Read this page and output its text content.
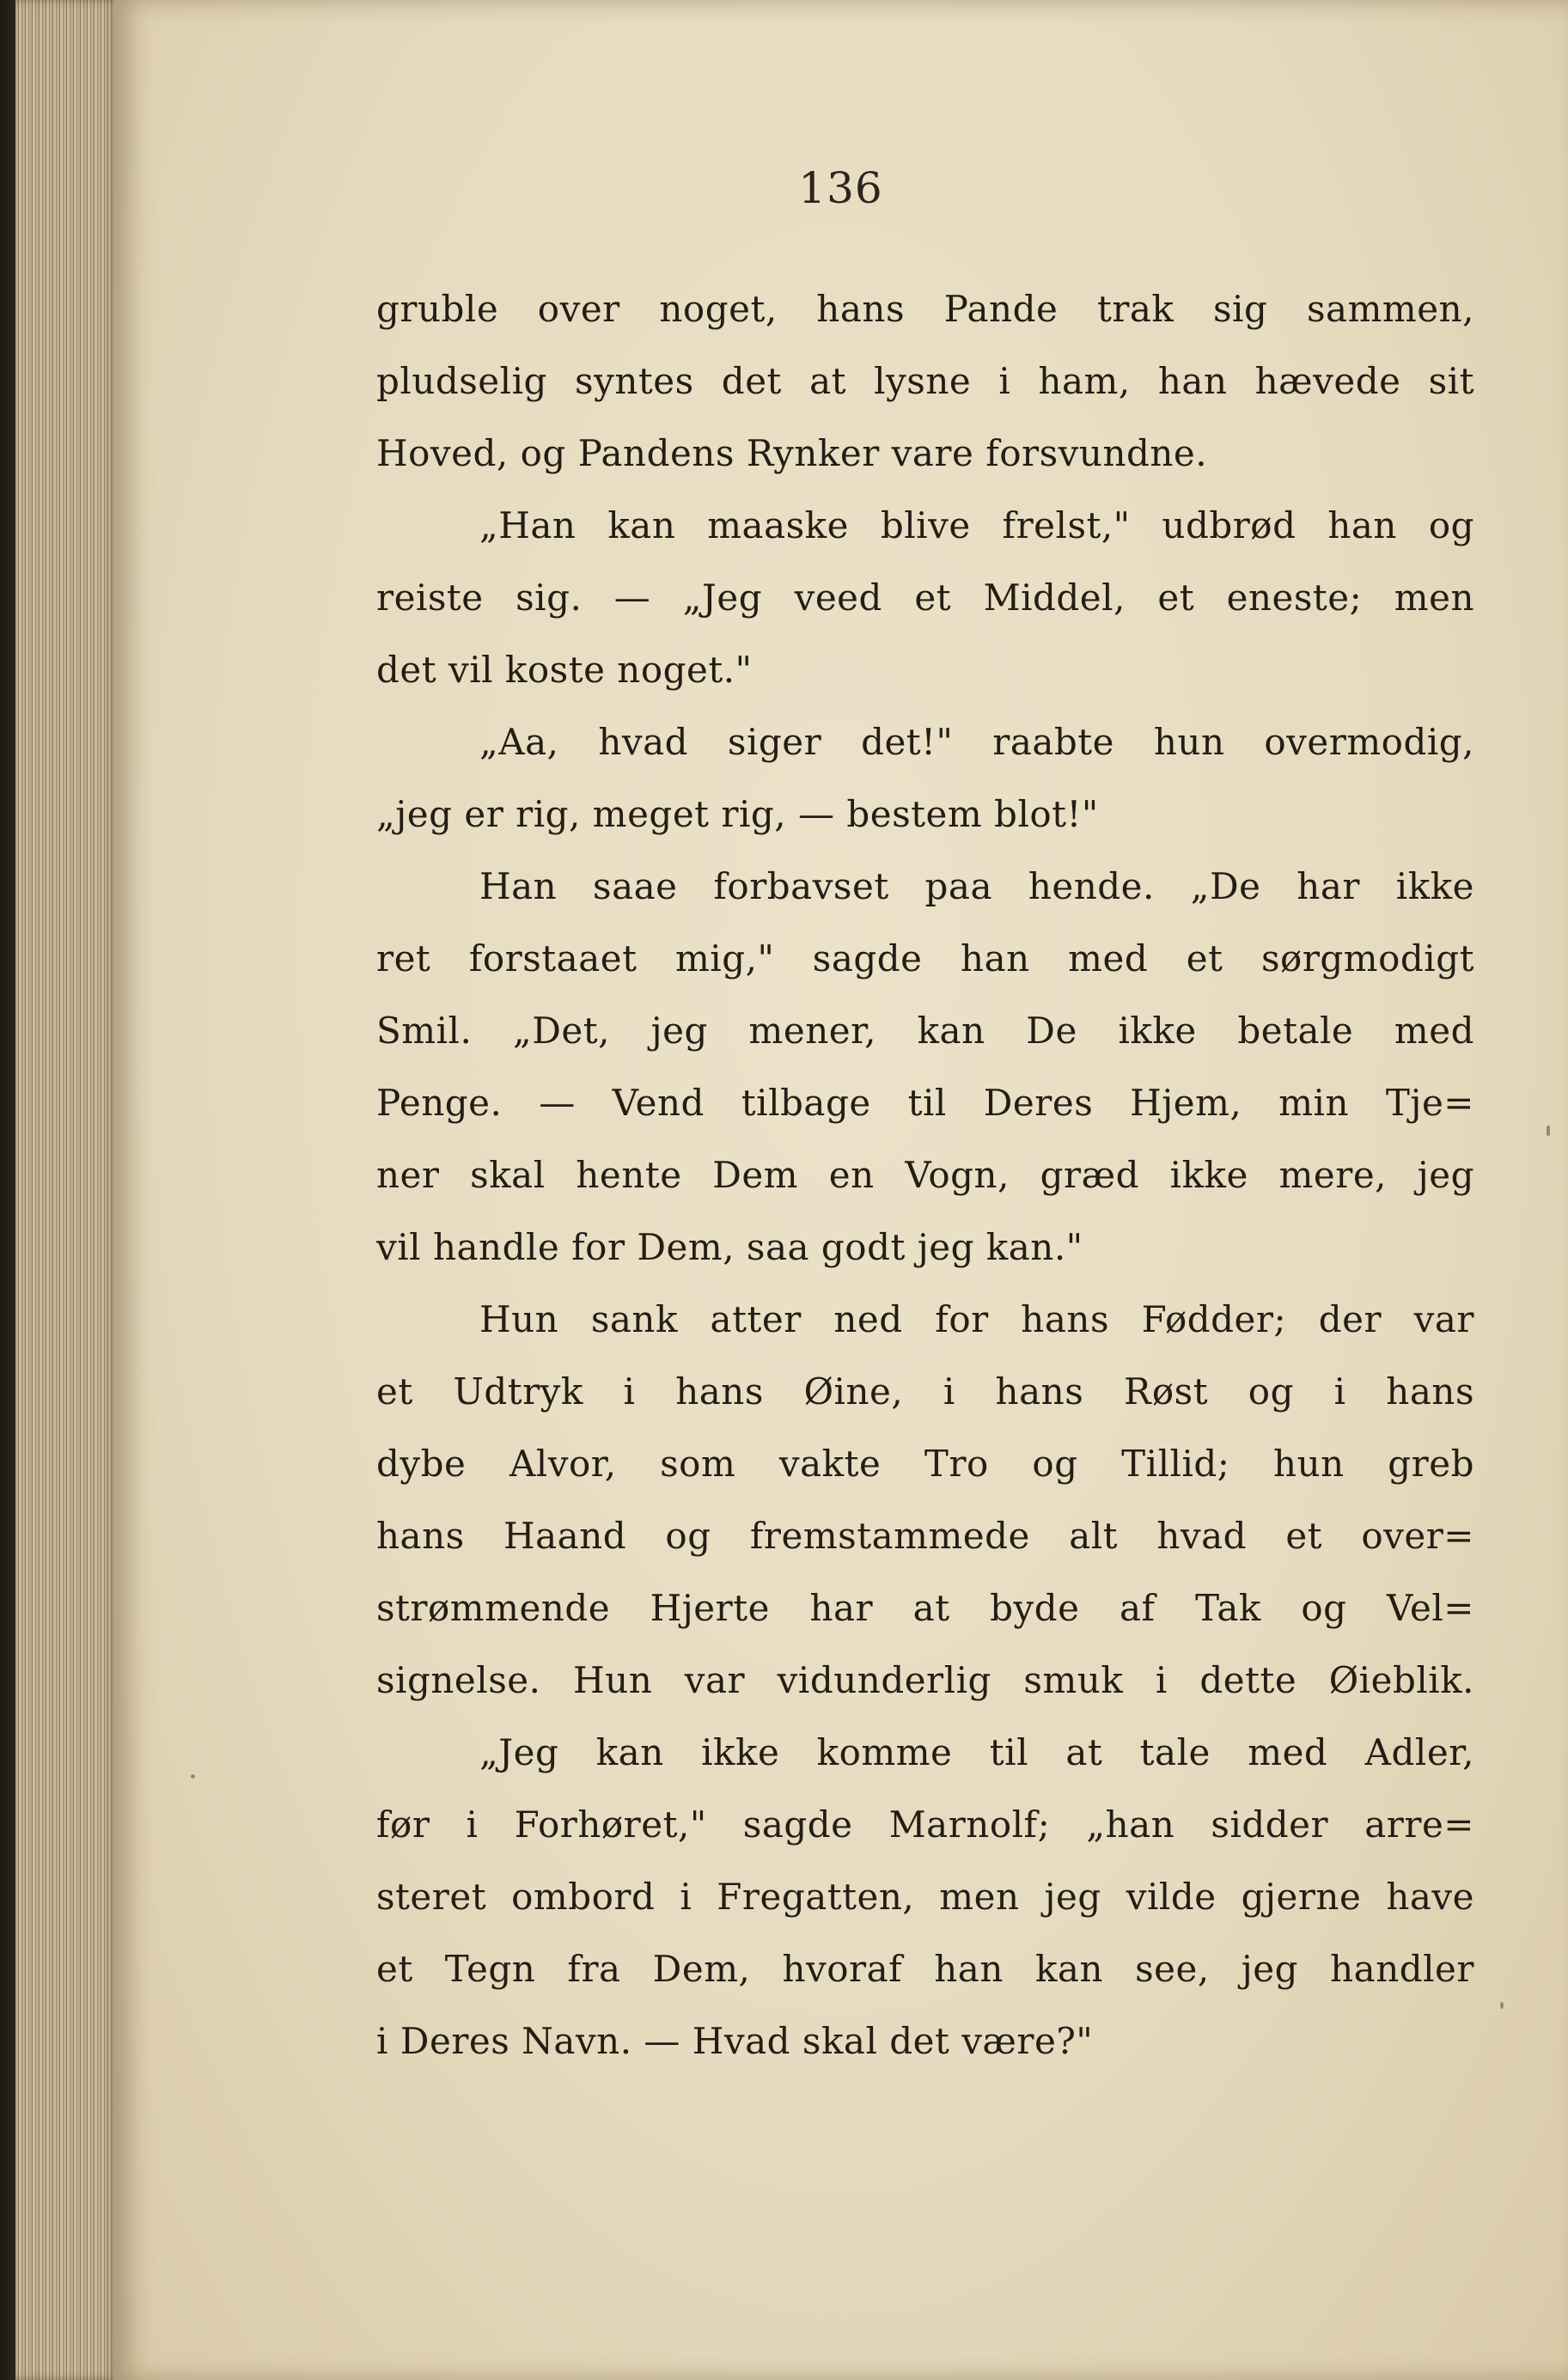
136
gruble over noget, hans Pande trak sig sammen,
pludselig syntes det at lysne i ham, han hævede sit
Hoved, og Pandens Rynker vare forsvundne.
„Han kan maaske blive frelst," udbrød han og
reiste sig. — „Jeg veed et Middel, et eneste; men
det vil koste noget."
„Aa, hvad siger det!" raabte hun overmodig,
„jeg er rig, meget rig, — bestem blot!"
Han saae forbavset paa hende. „De har ikke
ret forstaaet mig," sagde han med et sørgmodigt
Smil. „Det, jeg mener, kan De ikke betale med
Penge. — Vend tilbage til Deres Hjem, min Tje=
ner skal hente Dem en Vogn, græd ikke mere, jeg
vil handle for Dem, saa godt jeg kan."
Hun sank atter ned for hans Fødder; der var
et Udtryk i hans Øine, i hans Røst og i hans
dybe Alvor, som vakte Tro og Tillid; hun greb
hans Haand og fremstammede alt hvad et over=
strømmende Hjerte har at byde af Tak og Vel=
signelse. Hun var vidunderlig smuk i dette Øieblik.
„Jeg kan ikke komme til at tale med Adler,
før i Forhøret," sagde Marnolf; „han sidder arre=
steret ombord i Fregatten, men jeg vilde gjerne have
et Tegn fra Dem, hvoraf han kan see, jeg handler
i Deres Navn. — Hvad skal det være?"
